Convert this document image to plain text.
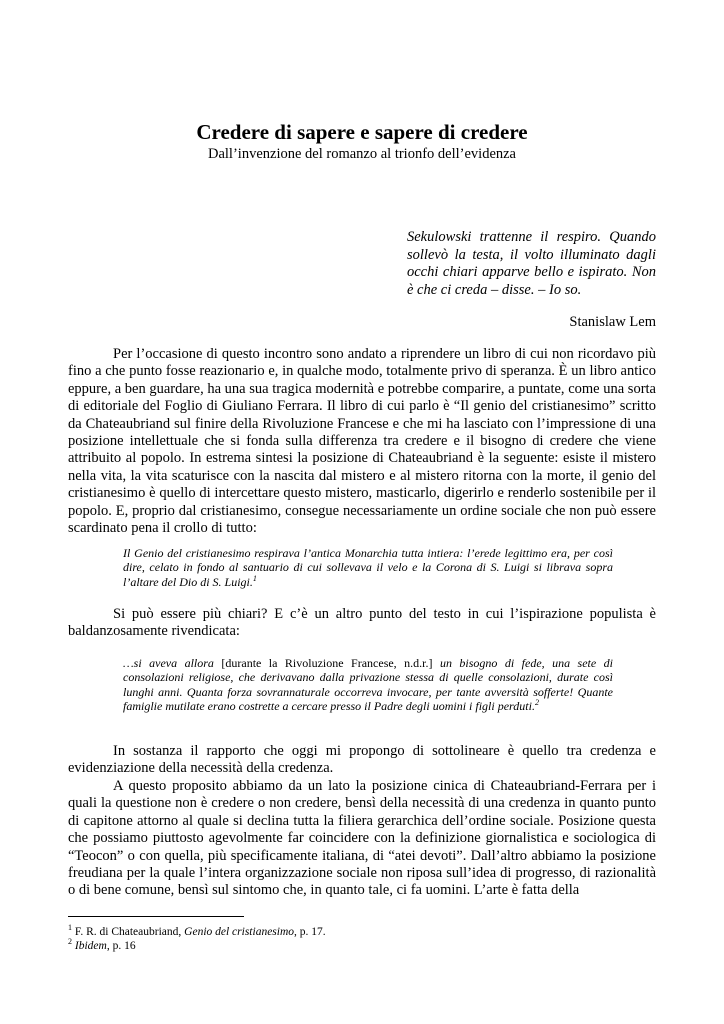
Credere di sapere e sapere di credere

Dall’invenzione del romanzo al trionfo dell’evidenza

Sekulowski trattenne il respiro. Quando sollevò la testa, il volto illuminato dagli occhi chiari apparve bello e ispirato. Non è che ci creda – disse. – Io so.

Stanislaw Lem

Per l’occasione di questo incontro sono andato a riprendere un libro di cui non ricordavo più fino a che punto fosse reazionario e, in qualche modo, totalmente privo di speranza. È un libro antico eppure, a ben guardare, ha una sua tragica modernità e potrebbe comparire, a puntate, come una sorta di editoriale del Foglio di Giuliano Ferrara. Il libro di cui parlo è “Il genio del cristianesimo” scritto da Chateaubriand sul finire della Rivoluzione Francese e che mi ha lasciato con l’impressione di una posizione intellettuale che si fonda sulla differenza tra credere e il bisogno di credere che viene attribuito al popolo. In estrema sintesi la posizione di Chateaubriand è la seguente: esiste il mistero nella vita, la vita scaturisce con la nascita dal mistero e al mistero ritorna con la morte, il genio del cristianesimo è quello di intercettare questo mistero, masticarlo, digerirlo e renderlo sostenibile per il popolo. E, proprio dal cristianesimo, consegue necessariamente un ordine sociale che non può essere scardinato pena il crollo di tutto:

Il Genio del cristianesimo respirava l’antica Monarchia tutta intiera: l’erede legittimo era, per così dire, celato in fondo al santuario di cui sollevava il velo e la Corona di S. Luigi si librava sopra l’altare del Dio di S. Luigi.$^1$

Si può essere più chiari? E c’è un altro punto del testo in cui l’ispirazione populista è baldanzosamente rivendicata:

…si aveva allora [durante la Rivoluzione Francese, n.d.r.] un bisogno di fede, una sete di consolazioni religiose, che derivavano dalla privazione stessa di quelle consolazioni, durate così lunghi anni. Quanta forza sovrannaturale occorreva invocare, per tante avversità sofferte! Quante famiglie mutilate erano costrette a cercare presso il Padre degli uomini i figli perduti.$^2$

In sostanza il rapporto che oggi mi propongo di sottolineare è quello tra credenza e evidenziazione della necessità della credenza.

A questo proposito abbiamo da un lato la posizione cinica di Chateaubriand-Ferrara per i quali la questione non è credere o non credere, bensì della necessità di una credenza in quanto punto di capitone attorno al quale si declina tutta la filiera gerarchica dell’ordine sociale. Posizione questa che possiamo piuttosto agevolmente far coincidere con la definizione giornalistica e sociologica di “Teocon” o con quella, più specificamente italiana, di “atei devoti”. Dall’altro abbiamo la posizione freudiana per la quale l’intera organizzazione sociale non riposa sull’idea di progresso, di razionalità o di bene comune, bensì sul sintomo che, in quanto tale, ci fa uomini. L’arte è fatta della

$^1$ F. R. di Chateaubriand, Genio del cristianesimo, p. 17.

$^2$ Ibidem, p. 16
